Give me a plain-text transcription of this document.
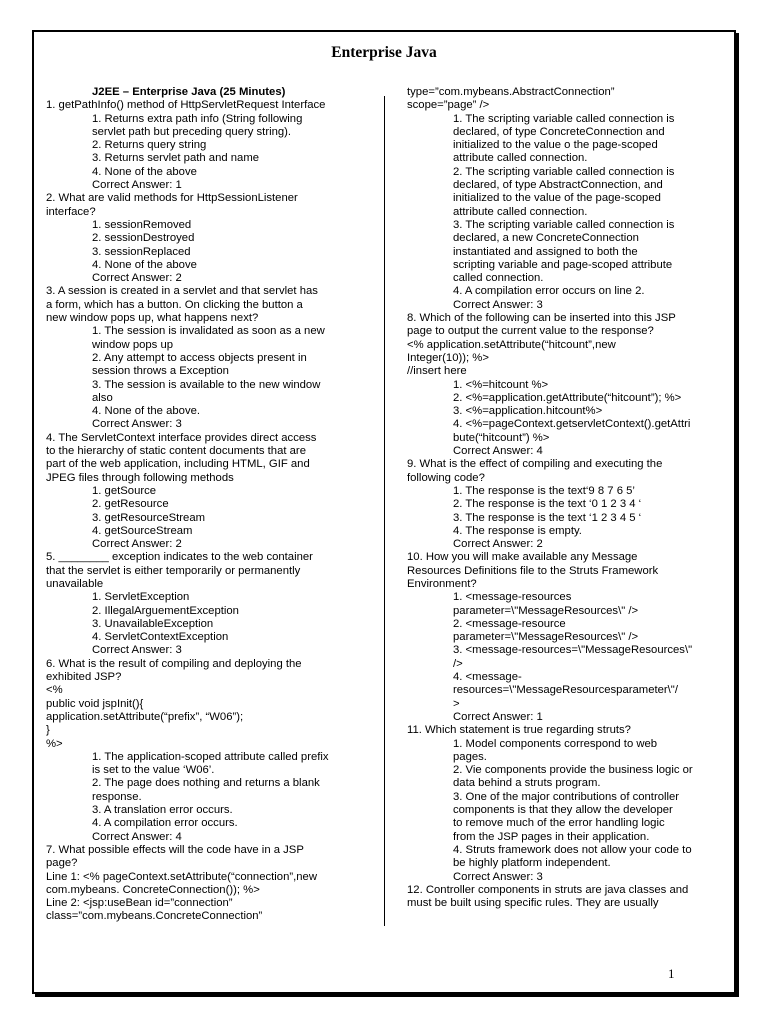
Enterprise Java
J2EE – Enterprise Java (25 Minutes)
1. getPathInfo() method of HttpServletRequest Interface
1. Returns extra path info (String following
servlet path but preceding query string).
2. Returns query string
3. Returns servlet path and name
4. None of the above
Correct Answer: 1
2. What are valid methods for HttpSessionListener
interface?
1. sessionRemoved
2. sessionDestroyed
3. sessionReplaced
4. None of the above
Correct Answer: 2
3. A session is created in a servlet and that servlet has
a form, which has a button. On clicking the button a
new window pops up, what happens next?
1. The session is invalidated as soon as a new
window pops up
2. Any attempt to access objects present in
session throws a Exception
3. The session is available to the new window
also
4. None of the above.
Correct Answer: 3
4. The ServletContext interface provides direct access
to the hierarchy of static content documents that are
part of the web application, including HTML, GIF and
JPEG files through following methods
1. getSource
2. getResource
3. getResourceStream
4. getSourceStream
Correct Answer: 2
5. ________ exception indicates to the web container
that the servlet is either temporarily or permanently
unavailable
1. ServletException
2. IllegalArguementException
3. UnavailableException
4. ServletContextException
Correct Answer: 3
6. What is the result of compiling and deploying the
exhibited JSP?
<%
public void jspInit(){
application.setAttribute(“prefix”, “W06”);
}
%>
1. The application-scoped attribute called prefix
is set to the value ‘W06’.
2. The page does nothing and returns a blank
response.
3. A translation error occurs.
4. A compilation error occurs.
Correct Answer: 4
7. What possible effects will the code have in a JSP
page?
Line 1: <% pageContext.setAttribute(“connection”,new
com.mybeans. ConcreteConnection()); %>
Line 2: <jsp:useBean id=”connection”
class=”com.mybeans.ConcreteConnection”
type=”com.mybeans.AbstractConnection”
scope=”page” />
1. The scripting variable called connection is
declared, of type ConcreteConnection and
initialized to the value o the page-scoped
attribute called connection.
2. The scripting variable called connection is
declared, of type AbstractConnection, and
initialized to the value of the page-scoped
attribute called connection.
3. The scripting variable called connection is
declared, a new ConcreteConnection
instantiated and assigned to both the
scripting variable and page-scoped attribute
called connection.
4. A compilation error occurs on line 2.
Correct Answer: 3
8. Which of the following can be inserted into this JSP
page to output the current value to the response?
<% application.setAttribute(“hitcount”,new
Integer(10)); %>
//insert here
1. <%=hitcount %>
2. <%=application.getAttribute(“hitcount”); %>
3. <%=application.hitcount%>
4. <%=pageContext.getservletContext().getAttri
bute(“hitcount”) %>
Correct Answer: 4
9. What is the effect of compiling and executing the
following code?
1. The response is the text‘9 8 7 6 5’
2. The response is the text ‘0 1 2 3 4 ‘
3. The response is the text ‘1 2 3 4 5 ‘
4. The response is empty.
Correct Answer: 2
10. How you will make available any Message
Resources Definitions file to the Struts Framework
Environment?
1. <message-resources
parameter=\"MessageResources\" />
2. <message-resource
parameter=\"MessageResources\" />
3. <message-resources=\"MessageResources\"
/>
4. <message-
resources=\"MessageResourcesparameter\"/
>
Correct Answer: 1
11. Which statement is true regarding struts?
1. Model components correspond to web
pages.
2. Vie components provide the business logic or
data behind a struts program.
3. One of the major contributions of controller
components is that they allow the developer
to remove much of the error handling logic
from the JSP pages in their application.
4. Struts framework does not allow your code to
be highly platform independent.
Correct Answer: 3
12. Controller components in struts are java classes and
must be built using specific rules. They are usually
1
